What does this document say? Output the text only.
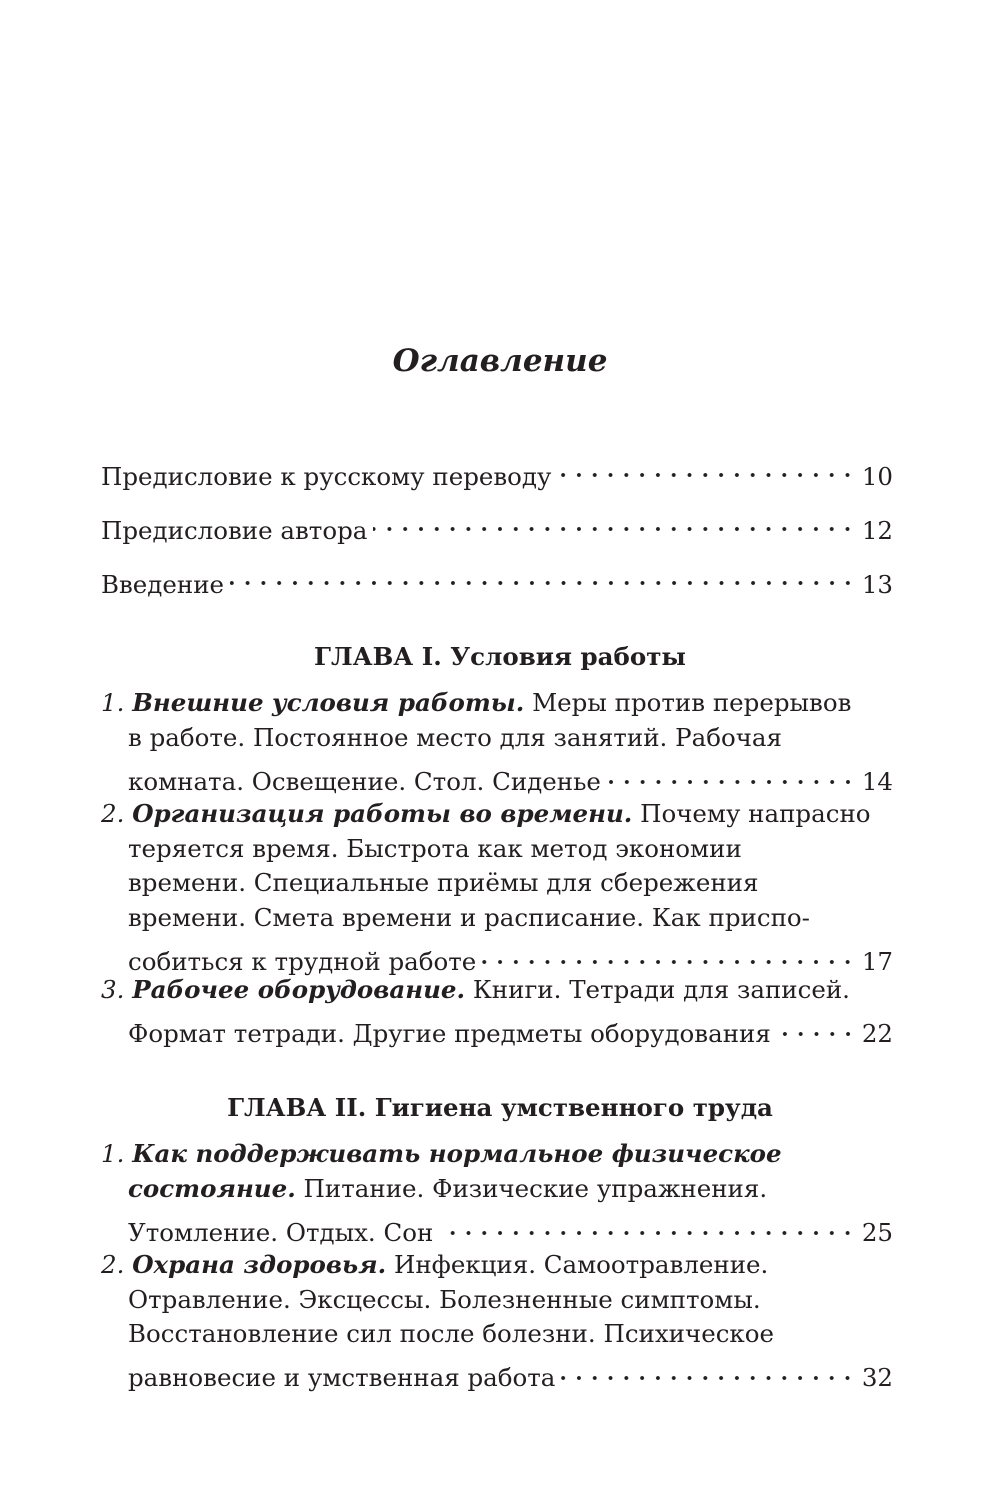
Оглавление
Предисловие к русскому переводу	10
Предисловие автора	12
Введение	13
ГЛАВА I. Условия работы
1.
Внешние условия работы.
Меры против перерывов
в работе. Постоянное место для занятий. Рабочая
комната. Освещение. Стол. Сиденье	14
2.
Организация работы во времени.
Почему напрасно
теряется время. Быстрота как метод экономии
времени. Специальные приёмы для сбережения
времени. Смета времени и расписание. Как приспо-
собиться к трудной работе	17
3.
Рабочее оборудование.
Книги. Тетради для записей.
Формат тетради. Другие предметы оборудования	22
ГЛАВА II. Гигиена умственного труда
1.
Как поддерживать нормальное физическое
состояние.
Питание. Физические упражнения.
Утомление. Отдых. Сон	25
2.
Охрана здоровья.
Инфекция. Самоотравление.
Отравление. Эксцессы. Болезненные симптомы.
Восстановление сил после болезни. Психическое
равновесие и умственная работа	32
